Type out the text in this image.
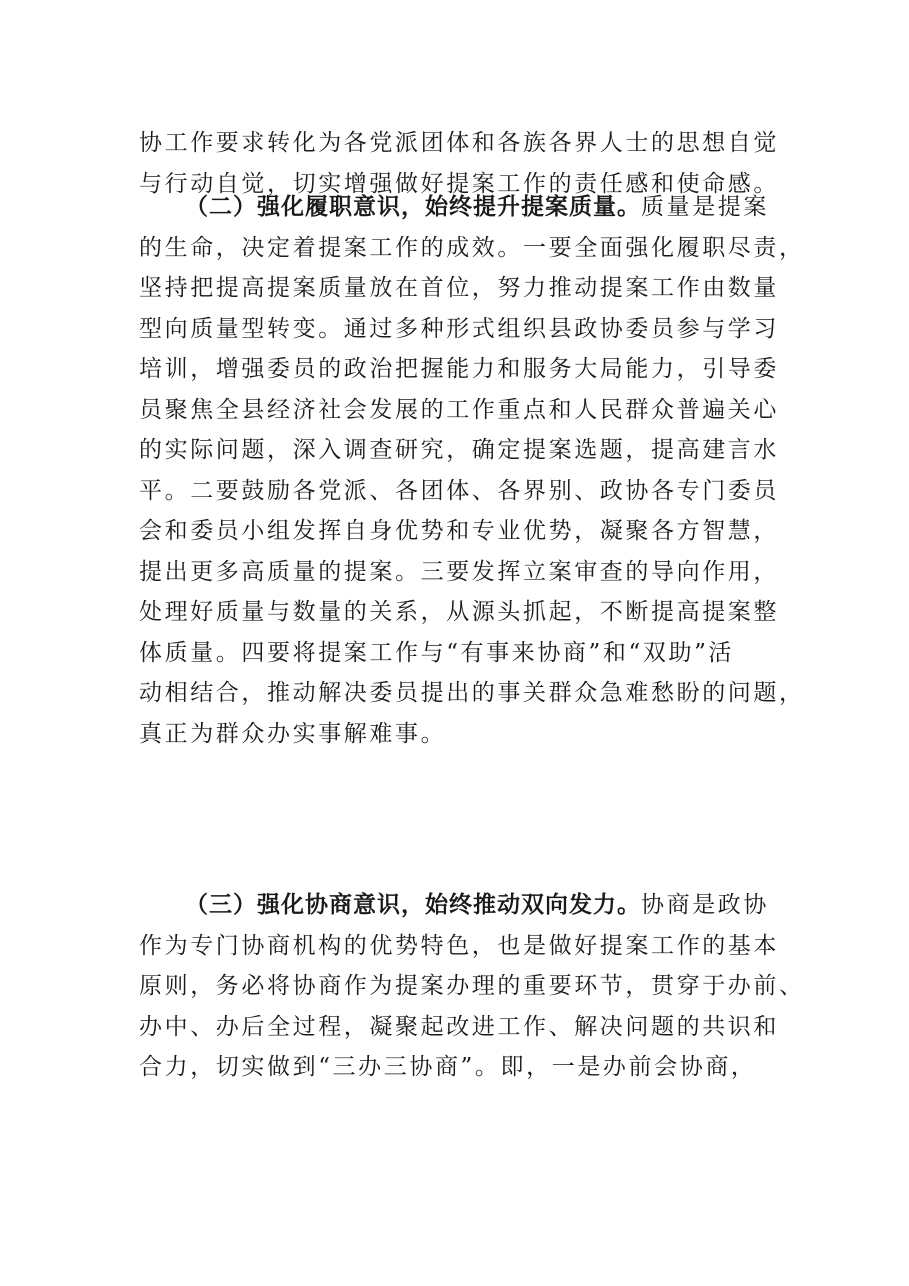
协工作要求转化为各党派团体和各族各界人士的思想自觉
与行动自觉，切实增强做好提案工作的责任感和使命感。
（二）强化履职意识，始终提升提案质量。质量是提案
的生命，决定着提案工作的成效。一要全面强化履职尽责，
坚持把提高提案质量放在首位，努力推动提案工作由数量
型向质量型转变。通过多种形式组织县政协委员参与学习
培训，增强委员的政治把握能力和服务大局能力，引导委
员聚焦全县经济社会发展的工作重点和人民群众普遍关心
的实际问题，深入调查研究，确定提案选题，提高建言水
平。二要鼓励各党派、各团体、各界别、政协各专门委员
会和委员小组发挥自身优势和专业优势，凝聚各方智慧，
提出更多高质量的提案。三要发挥立案审查的导向作用，
处理好质量与数量的关系，从源头抓起，不断提高提案整
体质量。四要将提案工作与“有事来协商”和“双助”活
动相结合，推动解决委员提出的事关群众急难愁盼的问题，
真正为群众办实事解难事。
（三）强化协商意识，始终推动双向发力。协商是政协
作为专门协商机构的优势特色，也是做好提案工作的基本
原则，务必将协商作为提案办理的重要环节，贯穿于办前、
办中、办后全过程，凝聚起改进工作、解决问题的共识和
合力，切实做到“三办三协商”。即，一是办前会协商，
